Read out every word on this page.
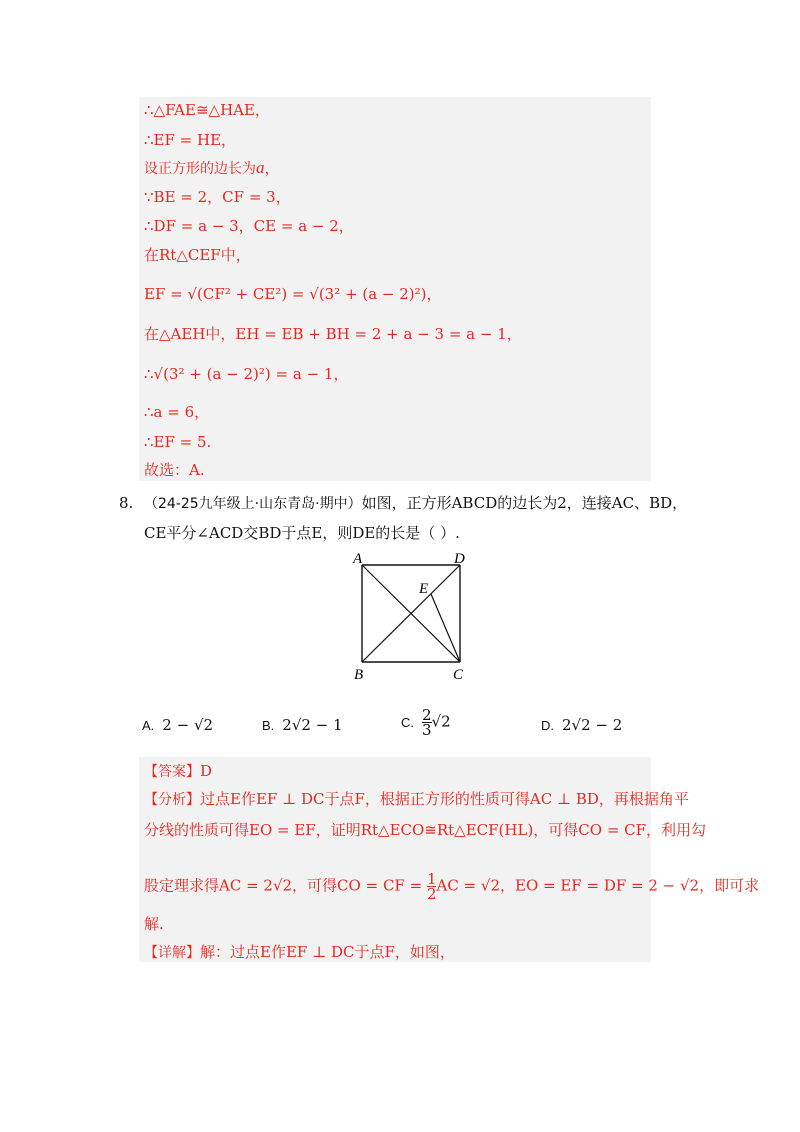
∴△FAE≅△HAE，
∴EF = HE，
设正方形的边长为a，
∵BE = 2，CF = 3，
∴DF = a − 3，CE = a − 2，
在Rt△CEF中，
EF = √(CF² + CE²) = √(3² + (a − 2)²)，
在△AEH中，EH = EB + BH = 2 + a − 3 = a − 1，
∴√(3² + (a − 2)²) = a − 1，
∴a = 6，
∴EF = 5.
故选：A.
8. （24-25九年级上·山东青岛·期中）如图，正方形ABCD的边长为2，连接AC、BD，
CE平分∠ACD交BD于点E，则DE的长是（ ）.
A	D
E
B	C
A. 2 − √2	B. 2√2 − 1	C. $\frac{2}{3} √2$	D. 2√2 − 2
【答案】D
【分析】过点E作EF ⊥ DC于点F，根据正方形的性质可得AC ⊥ BD，再根据角平
分线的性质可得EO = EF，证明Rt△ECO≅Rt△ECF(HL)，可得CO = CF，利用勾
股定理求得AC = 2√2，可得CO = CF = $\frac{1}{2}$ AC = √2，EO = EF = DF = 2 − √2，即可求
解.
【详解】解：过点E作EF ⊥ DC于点F，如图，
